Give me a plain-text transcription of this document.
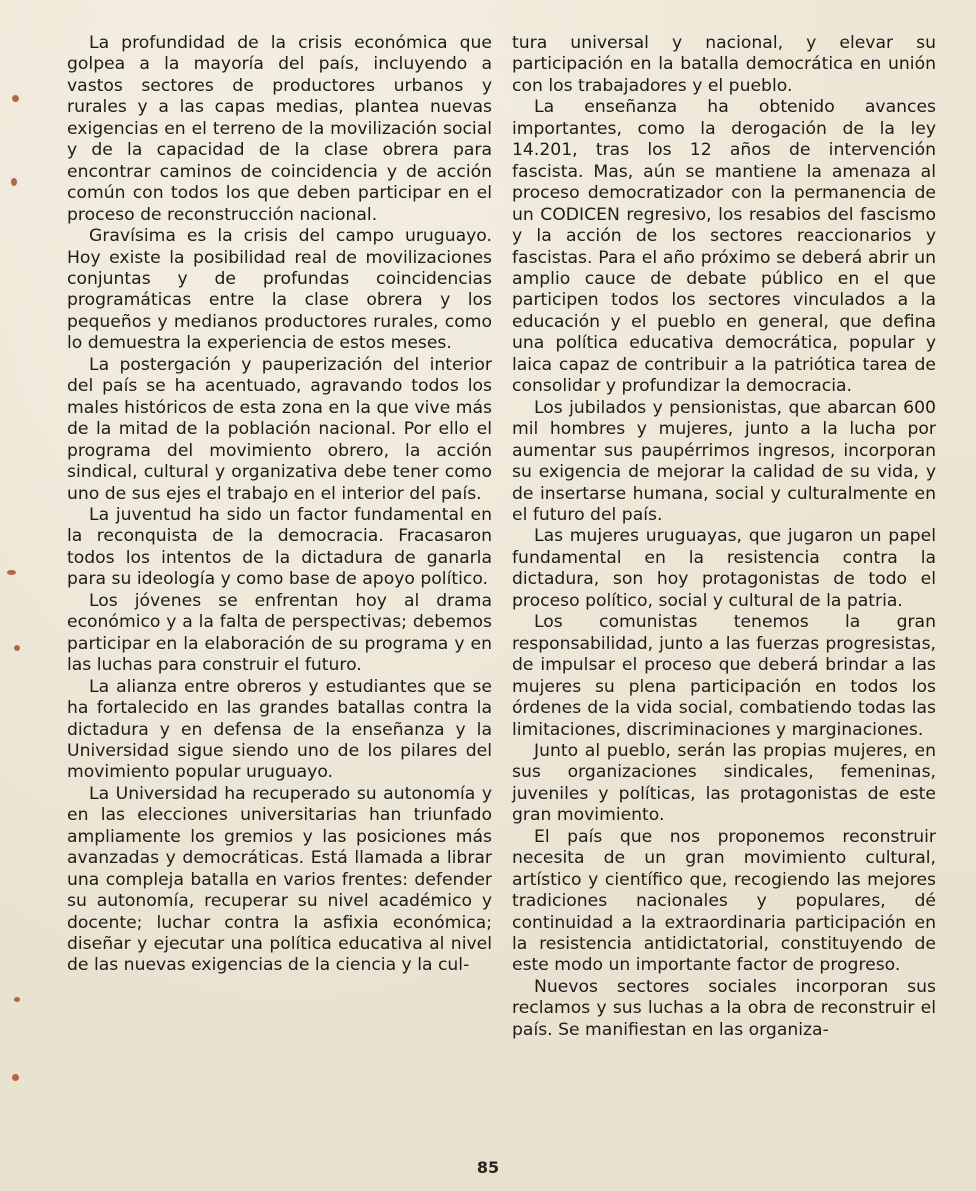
La profundidad de la crisis económica que golpea a la mayoría del país, incluyendo a vastos sectores de productores urbanos y rurales y a las capas medias, plantea nuevas exigencias en el terreno de la movilización social y de la capacidad de la clase obrera para encontrar caminos de coincidencia y de acción común con todos los que deben participar en el proceso de reconstrucción nacional.

Gravísima es la crisis del campo uruguayo. Hoy existe la posibilidad real de movilizaciones conjuntas y de profundas coincidencias programáticas entre la clase obrera y los pequeños y medianos productores rurales, como lo demuestra la experiencia de estos meses.

La postergación y pauperización del interior del país se ha acentuado, agravando todos los males históricos de esta zona en la que vive más de la mitad de la población nacional. Por ello el programa del movimiento obrero, la acción sindical, cultural y organizativa debe tener como uno de sus ejes el trabajo en el interior del país.

La juventud ha sido un factor fundamental en la reconquista de la democracia. Fracasaron todos los intentos de la dictadura de ganarla para su ideología y como base de apoyo político.

Los jóvenes se enfrentan hoy al drama económico y a la falta de perspectivas; debemos participar en la elaboración de su programa y en las luchas para construir el futuro.

La alianza entre obreros y estudiantes que se ha fortalecido en las grandes batallas contra la dictadura y en defensa de la enseñanza y la Universidad sigue siendo uno de los pilares del movimiento popular uruguayo.

La Universidad ha recuperado su autonomía y en las elecciones universitarias han triunfado ampliamente los gremios y las posiciones más avanzadas y democráticas. Está llamada a librar una compleja batalla en varios frentes: defender su autonomía, recuperar su nivel académico y docente; luchar contra la asfixia económica; diseñar y ejecutar una política educativa al nivel de las nuevas exigencias de la ciencia y la cul-

tura universal y nacional, y elevar su participación en la batalla democrática en unión con los trabajadores y el pueblo.

La enseñanza ha obtenido avances importantes, como la derogación de la ley 14.201, tras los 12 años de intervención fascista. Mas, aún se mantiene la amenaza al proceso democratizador con la permanencia de un CODICEN regresivo, los resabios del fascismo y la acción de los sectores reaccionarios y fascistas. Para el año próximo se deberá abrir un amplio cauce de debate público en el que participen todos los sectores vinculados a la educación y el pueblo en general, que defina una política educativa democrática, popular y laica capaz de contribuir a la patriótica tarea de consolidar y profundizar la democracia.

Los jubilados y pensionistas, que abarcan 600 mil hombres y mujeres, junto a la lucha por aumentar sus paupérrimos ingresos, incorporan su exigencia de mejorar la calidad de su vida, y de insertarse humana, social y culturalmente en el futuro del país.

Las mujeres uruguayas, que jugaron un papel fundamental en la resistencia contra la dictadura, son hoy protagonistas de todo el proceso político, social y cultural de la patria.

Los comunistas tenemos la gran responsabilidad, junto a las fuerzas progresistas, de impulsar el proceso que deberá brindar a las mujeres su plena participación en todos los órdenes de la vida social, combatiendo todas las limitaciones, discriminaciones y marginaciones.

Junto al pueblo, serán las propias mujeres, en sus organizaciones sindicales, femeninas, juveniles y políticas, las protagonistas de este gran movimiento.

El país que nos proponemos reconstruir necesita de un gran movimiento cultural, artístico y científico que, recogiendo las mejores tradiciones nacionales y populares, dé continuidad a la extraordinaria participación en la resistencia antidictatorial, constituyendo de este modo un importante factor de progreso.

Nuevos sectores sociales incorporan sus reclamos y sus luchas a la obra de reconstruir el país. Se manifiestan en las organiza-

85
